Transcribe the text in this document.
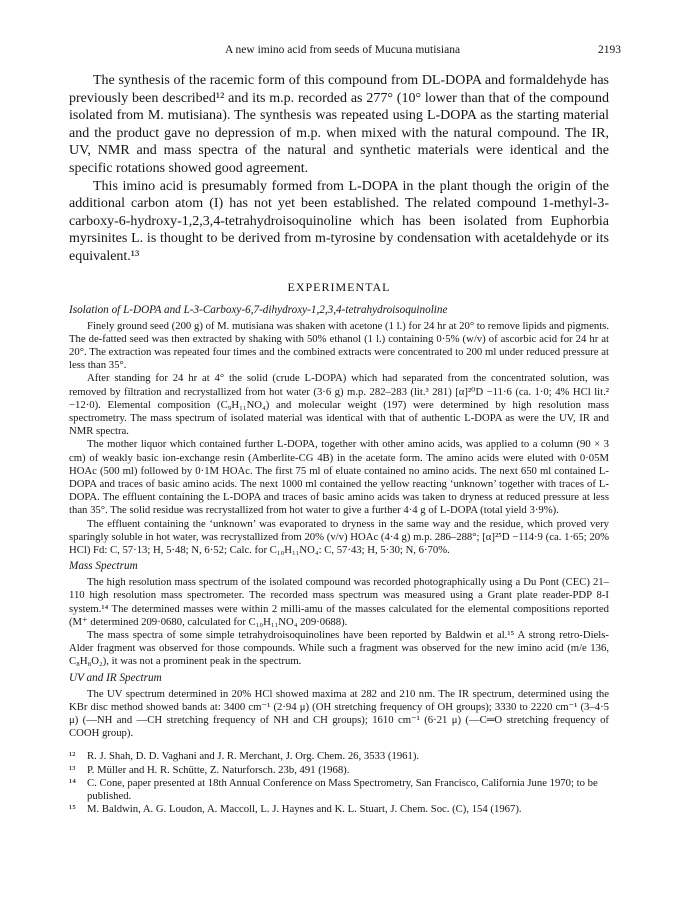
A new imino acid from seeds of Mucuna mutisiana	2193

The synthesis of the racemic form of this compound from DL-DOPA and formaldehyde has previously been described¹² and its m.p. recorded as 277° (10° lower than that of the compound isolated from M. mutisiana). The synthesis was repeated using L-DOPA as the starting material and the product gave no depression of m.p. when mixed with the natural compound. The IR, UV, NMR and mass spectra of the natural and synthetic materials were identical and the specific rotations showed good agreement.

This imino acid is presumably formed from L-DOPA in the plant though the origin of the additional carbon atom (I) has not yet been established. The related compound 1-methyl-3-carboxy-6-hydroxy-1,2,3,4-tetrahydroisoquinoline which has been isolated from Euphorbia myrsinites L. is thought to be derived from m-tyrosine by condensation with acetaldehyde or its equivalent.¹³

EXPERIMENTAL
Isolation of L-DOPA and L-3-Carboxy-6,7-dihydroxy-1,2,3,4-tetrahydroisoquinoline

Finely ground seed (200 g) of M. mutisiana was shaken with acetone (1 l.) for 24 hr at 20° to remove lipids and pigments. The de-fatted seed was then extracted by shaking with 50% ethanol (1 l.) containing 0·5% (w/v) of ascorbic acid for 24 hr at 20°. The extraction was repeated four times and the combined extracts were concentrated to 200 ml under reduced pressure at less than 35°.

After standing for 24 hr at 4° the solid (crude L-DOPA) which had separated from the concentrated solution, was removed by filtration and recrystallized from hot water (3·6 g) m.p. 282–283 (lit.³ 281) [α]²⁰D −11·6 (ca. 1·0; 4% HCl lit.² −12·0). Elemental composition (C₉H₁₁NO₄) and molecular weight (197) were determined by high resolution mass spectrometry. The mass spectrum of isolated material was identical with that of authentic L-DOPA as were the UV, IR and NMR spectra.

The mother liquor which contained further L-DOPA, together with other amino acids, was applied to a column (90 × 3 cm) of weakly basic ion-exchange resin (Amberlite-CG 4B) in the acetate form. The amino acids were eluted with 0·05M HOAc (500 ml) followed by 0·1M HOAc. The first 75 ml of eluate contained no amino acids. The next 650 ml contained L-DOPA and traces of basic amino acids. The next 1000 ml contained the yellow reacting ‘unknown’ together with traces of L-DOPA. The effluent containing the L-DOPA and traces of basic amino acids was taken to dryness at reduced pressure at less than 35°. The solid residue was recrystallized from hot water to give a further 4·4 g of L-DOPA (total yield 3·9%).

The effluent containing the ‘unknown’ was evaporated to dryness in the same way and the residue, which proved very sparingly soluble in hot water, was recrystallized from 20% (v/v) HOAc (4·4 g) m.p. 286–288°; [α]²⁵D −114·9 (ca. 1·65; 20% HCl) Fd: C, 57·13; H, 5·48; N, 6·52; Calc. for C₁₀H₁₁NO₄: C, 57·43; H, 5·30; N, 6·70%.

Mass Spectrum

The high resolution mass spectrum of the isolated compound was recorded photographically using a Du Pont (CEC) 21–110 high resolution mass spectrometer. The recorded mass spectrum was measured using a Grant plate reader-PDP 8-I system.¹⁴ The determined masses were within 2 milli-amu of the masses calculated for the elemental compositions reported (M⁺ determined 209·0680, calculated for C₁₀H₁₁NO₄ 209·0688).

The mass spectra of some simple tetrahydroisoquinolines have been reported by Baldwin et al.¹⁵ A strong retro-Diels-Alder fragment was observed for those compounds. While such a fragment was observed for the new imino acid (m/e 136, C₈H₈O₂), it was not a prominent peak in the spectrum.

UV and IR Spectrum

The UV spectrum determined in 20% HCl showed maxima at 282 and 210 nm. The IR spectrum, determined using the KBr disc method showed bands at: 3400 cm⁻¹ (2·94 μ) (OH stretching frequency of OH groups); 3330 to 2220 cm⁻¹ (3–4·5 μ) (—NH and —CH stretching frequency of NH and CH groups); 1610 cm⁻¹ (6·21 μ) (—C═O stretching frequency of COOH group).

¹² R. J. Shah, D. D. Vaghani and J. R. Merchant, J. Org. Chem. 26, 3533 (1961).
¹³ P. Müller and H. R. Schütte, Z. Naturforsch. 23b, 491 (1968).
¹⁴ C. Cone, paper presented at 18th Annual Conference on Mass Spectrometry, San Francisco, California June 1970; to be published.
¹⁵ M. Baldwin, A. G. Loudon, A. Maccoll, L. J. Haynes and K. L. Stuart, J. Chem. Soc. (C), 154 (1967).
